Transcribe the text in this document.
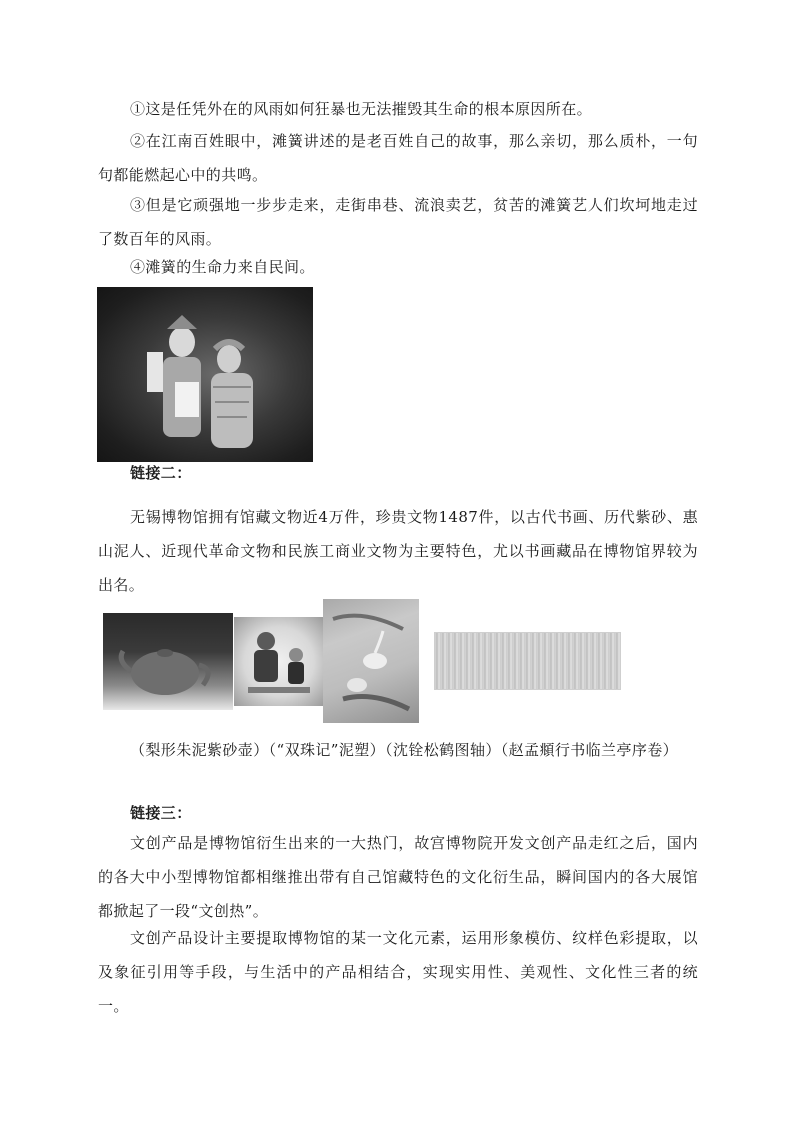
①这是任凭外在的风雨如何狂暴也无法摧毁其生命的根本原因所在。

②在江南百姓眼中，滩簧讲述的是老百姓自己的故事，那么亲切，那么质朴，一句句都能燃起心中的共鸣。

③但是它顽强地一步步走来，走街串巷、流浪卖艺，贫苦的滩簧艺人们坎坷地走过了数百年的风雨。

④滩簧的生命力来自民间。

链接二：

无锡博物馆拥有馆藏文物近4万件，珍贵文物1487件，以古代书画、历代紫砂、惠山泥人、近现代革命文物和民族工商业文物为主要特色，尤以书画藏品在博物馆界较为出名。

（梨形朱泥紫砂壶）（“双珠记”泥塑）（沈铨松鹤图轴）（赵孟頫行书临兰亭序卷）

链接三：

文创产品是博物馆衍生出来的一大热门，故宫博物院开发文创产品走红之后，国内的各大中小型博物馆都相继推出带有自己馆藏特色的文化衍生品，瞬间国内的各大展馆都掀起了一段“文创热”。

文创产品设计主要提取博物馆的某一文化元素，运用形象模仿、纹样色彩提取，以及象征引用等手段，与生活中的产品相结合，实现实用性、美观性、文化性三者的统一。
